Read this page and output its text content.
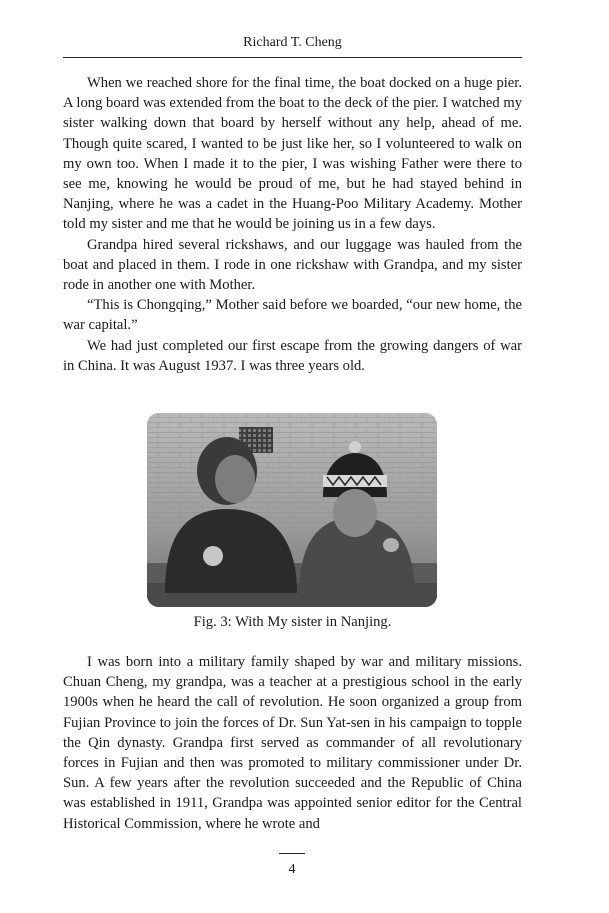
Richard T. Cheng

When we reached shore for the final time, the boat docked on a huge pier. A long board was extended from the boat to the deck of the pier. I watched my sister walking down that board by herself without any help, ahead of me. Though quite scared, I wanted to be just like her, so I volunteered to walk on my own too. When I made it to the pier, I was wishing Father were there to see me, knowing he would be proud of me, but he had stayed behind in Nanjing, where he was a cadet in the Huang-Poo Military Academy. Mother told my sister and me that he would be joining us in a few days.

Grandpa hired several rickshaws, and our luggage was hauled from the boat and placed in them. I rode in one rickshaw with Grandpa, and my sister rode in another one with Mother.

“This is Chongqing,” Mother said before we boarded, “our new home, the war capital.”

We had just completed our first escape from the growing dangers of war in China. It was August 1937. I was three years old.

Fig. 3: With My sister in Nanjing.

I was born into a military family shaped by war and military missions. Chuan Cheng, my grandpa, was a teacher at a prestigious school in the early 1900s when he heard the call of revolution. He soon organized a group from Fujian Province to join the forces of Dr. Sun Yat-sen in his campaign to topple the Qin dynasty. Grandpa first served as commander of all revolutionary forces in Fujian and then was promoted to military commissioner under Dr. Sun. A few years after the revolution succeeded and the Republic of China was established in 1911, Grandpa was appointed senior editor for the Central Historical Commission, where he wrote and

4
